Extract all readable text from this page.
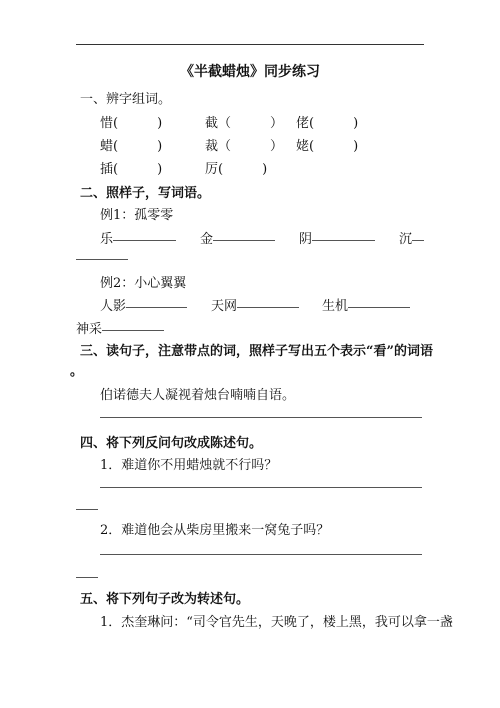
《半截蜡烛》同步练习
一、辨字组词。
惜(　　　)	截（　　　） 佬(　　　)
蜡(　　　)	裁（　　　） 姥(　　　)
插(　　　)	厉(　　　)
二、照样子，写词语。
例1：孤零零
乐	金	阴	沉
例2：小心翼翼
人影	天网	生机
神采
三、读句子，注意带点的词，照样子写出五个表示“看”的词语
。
伯诺德夫人凝视着烛台喃喃自语。
四、将下列反问句改成陈述句。
1．难道你不用蜡烛就不行吗？
2．难道他会从柴房里搬来一窝兔子吗？
五、将下列句子改为转述句。
1．杰奎琳问：“司令官先生，天晚了，楼上黑，我可以拿一盏
